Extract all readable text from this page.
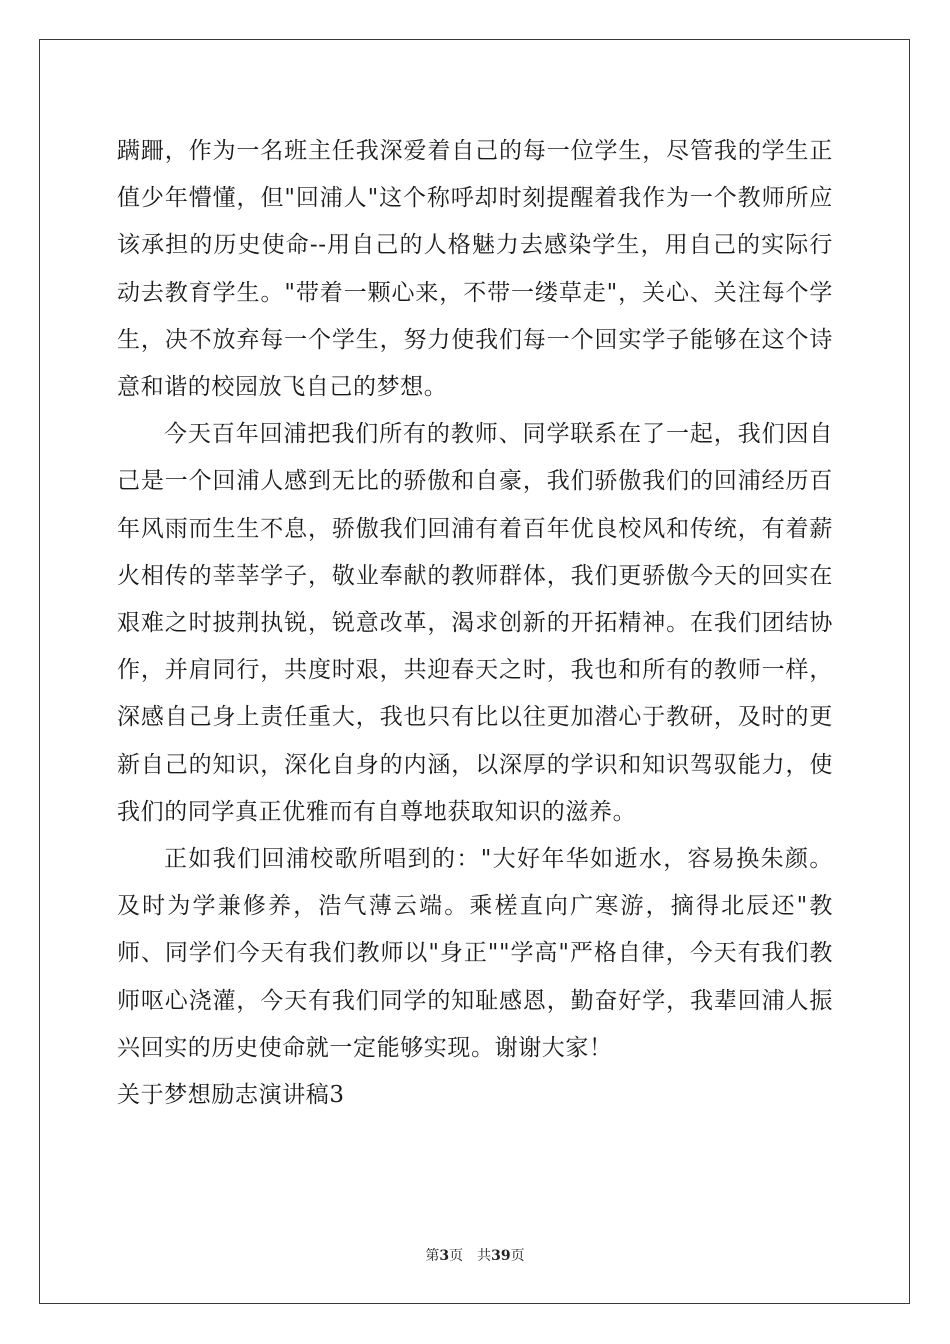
蹒跚，作为一名班主任我深爱着自己的每一位学生，尽管我的学生正值少年懵懂，但"回浦人"这个称呼却时刻提醒着我作为一个教师所应该承担的历史使命--用自己的人格魅力去感染学生，用自己的实际行动去教育学生。"带着一颗心来，不带一缕草走"，关心、关注每个学生，决不放弃每一个学生，努力使我们每一个回实学子能够在这个诗意和谐的校园放飞自己的梦想。

今天百年回浦把我们所有的教师、同学联系在了一起，我们因自己是一个回浦人感到无比的骄傲和自豪，我们骄傲我们的回浦经历百年风雨而生生不息，骄傲我们回浦有着百年优良校风和传统，有着薪火相传的莘莘学子，敬业奉献的教师群体，我们更骄傲今天的回实在艰难之时披荆执锐，锐意改革，渴求创新的开拓精神。在我们团结协作，并肩同行，共度时艰，共迎春天之时，我也和所有的教师一样，深感自己身上责任重大，我也只有比以往更加潜心于教研，及时的更新自己的知识，深化自身的内涵，以深厚的学识和知识驾驭能力，使我们的同学真正优雅而有自尊地获取知识的滋养。

正如我们回浦校歌所唱到的："大好年华如逝水，容易换朱颜。及时为学兼修养，浩气薄云端。乘槎直向广寒游，摘得北辰还"教师、同学们今天有我们教师以"身正""学高"严格自律，今天有我们教师呕心浇灌，今天有我们同学的知耻感恩，勤奋好学，我辈回浦人振兴回实的历史使命就一定能够实现。谢谢大家！

关于梦想励志演讲稿3

第3页 共39页
